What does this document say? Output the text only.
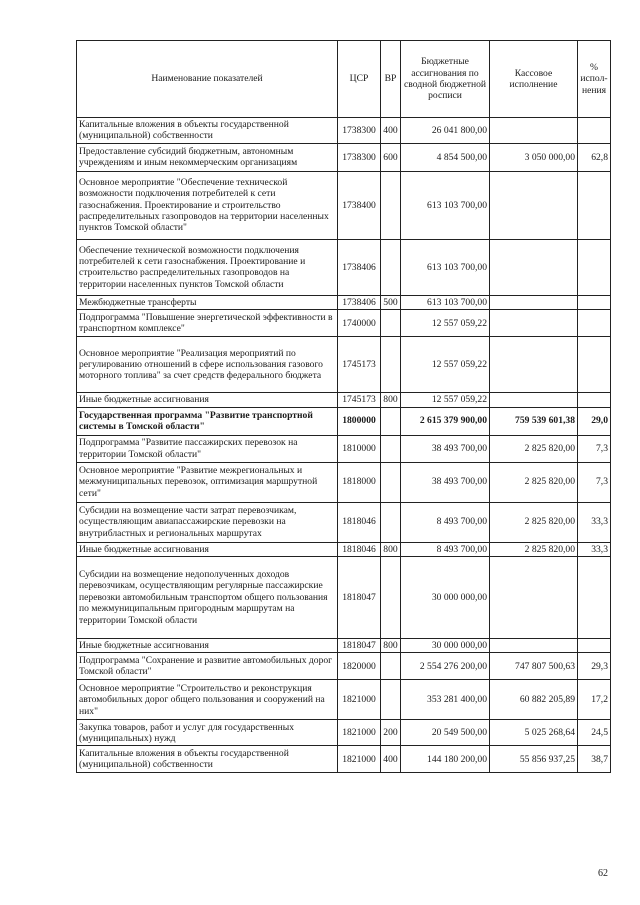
Наименование показателей	ЦСР	ВР	Бюджетные ассигнования по сводной бюджетной росписи	Кассовое исполнение	% испол-нения
Капитальные вложения в объекты государственной (муниципальной) собственности	1738300	400	26 041 800,00		
Предоставление субсидий бюджетным, автономным учреждениям и иным некоммерческим организациям	1738300	600	4 854 500,00	3 050 000,00	62,8
Основное мероприятие "Обеспечение технической возможности подключения потребителей к сети газоснабжения. Проектирование и строительство распределительных газопроводов на территории населенных пунктов Томской области"	1738400		613 103 700,00		
Обеспечение технической возможности подключения потребителей к сети газоснабжения. Проектирование и строительство распределительных газопроводов на территории населенных пунктов Томской области	1738406		613 103 700,00		
Межбюджетные трансферты	1738406	500	613 103 700,00		
Подпрограмма "Повышение энергетической эффективности в транспортном комплексе"	1740000		12 557 059,22		
Основное мероприятие "Реализация мероприятий по регулированию отношений в сфере использования газового моторного топлива" за счет средств федерального бюджета	1745173		12 557 059,22		
Иные бюджетные ассигнования	1745173	800	12 557 059,22		
Государственная программа "Развитие транспортной системы в Томской области"	1800000		2 615 379 900,00	759 539 601,38	29,0
Подпрограмма "Развитие пассажирских перевозок на территории Томской области"	1810000		38 493 700,00	2 825 820,00	7,3
Основное мероприятие "Развитие межрегиональных и межмуниципальных перевозок, оптимизация маршрутной сети"	1818000		38 493 700,00	2 825 820,00	7,3
Субсидии на возмещение части затрат перевозчикам, осуществляющим авиапассажирские перевозки на внутрибластных и региональных маршрутах	1818046		8 493 700,00	2 825 820,00	33,3
Иные бюджетные ассигнования	1818046	800	8 493 700,00	2 825 820,00	33,3
Субсидии на возмещение недополученных доходов перевозчикам, осуществляющим регулярные пассажирские перевозки автомобильным транспортом общего пользования по межмуниципальным пригородным маршрутам на территории Томской области	1818047		30 000 000,00		
Иные бюджетные ассигнования	1818047	800	30 000 000,00		
Подпрограмма "Сохранение и развитие автомобильных дорог Томской области"	1820000		2 554 276 200,00	747 807 500,63	29,3
Основное мероприятие "Строительство и реконструкция автомобильных дорог общего пользования и сооружений на них"	1821000		353 281 400,00	60 882 205,89	17,2
Закупка товаров, работ и услуг для государственных (муниципальных) нужд	1821000	200	20 549 500,00	5 025 268,64	24,5
Капитальные вложения в объекты государственной (муниципальной) собственности	1821000	400	144 180 200,00	55 856 937,25	38,7
62
